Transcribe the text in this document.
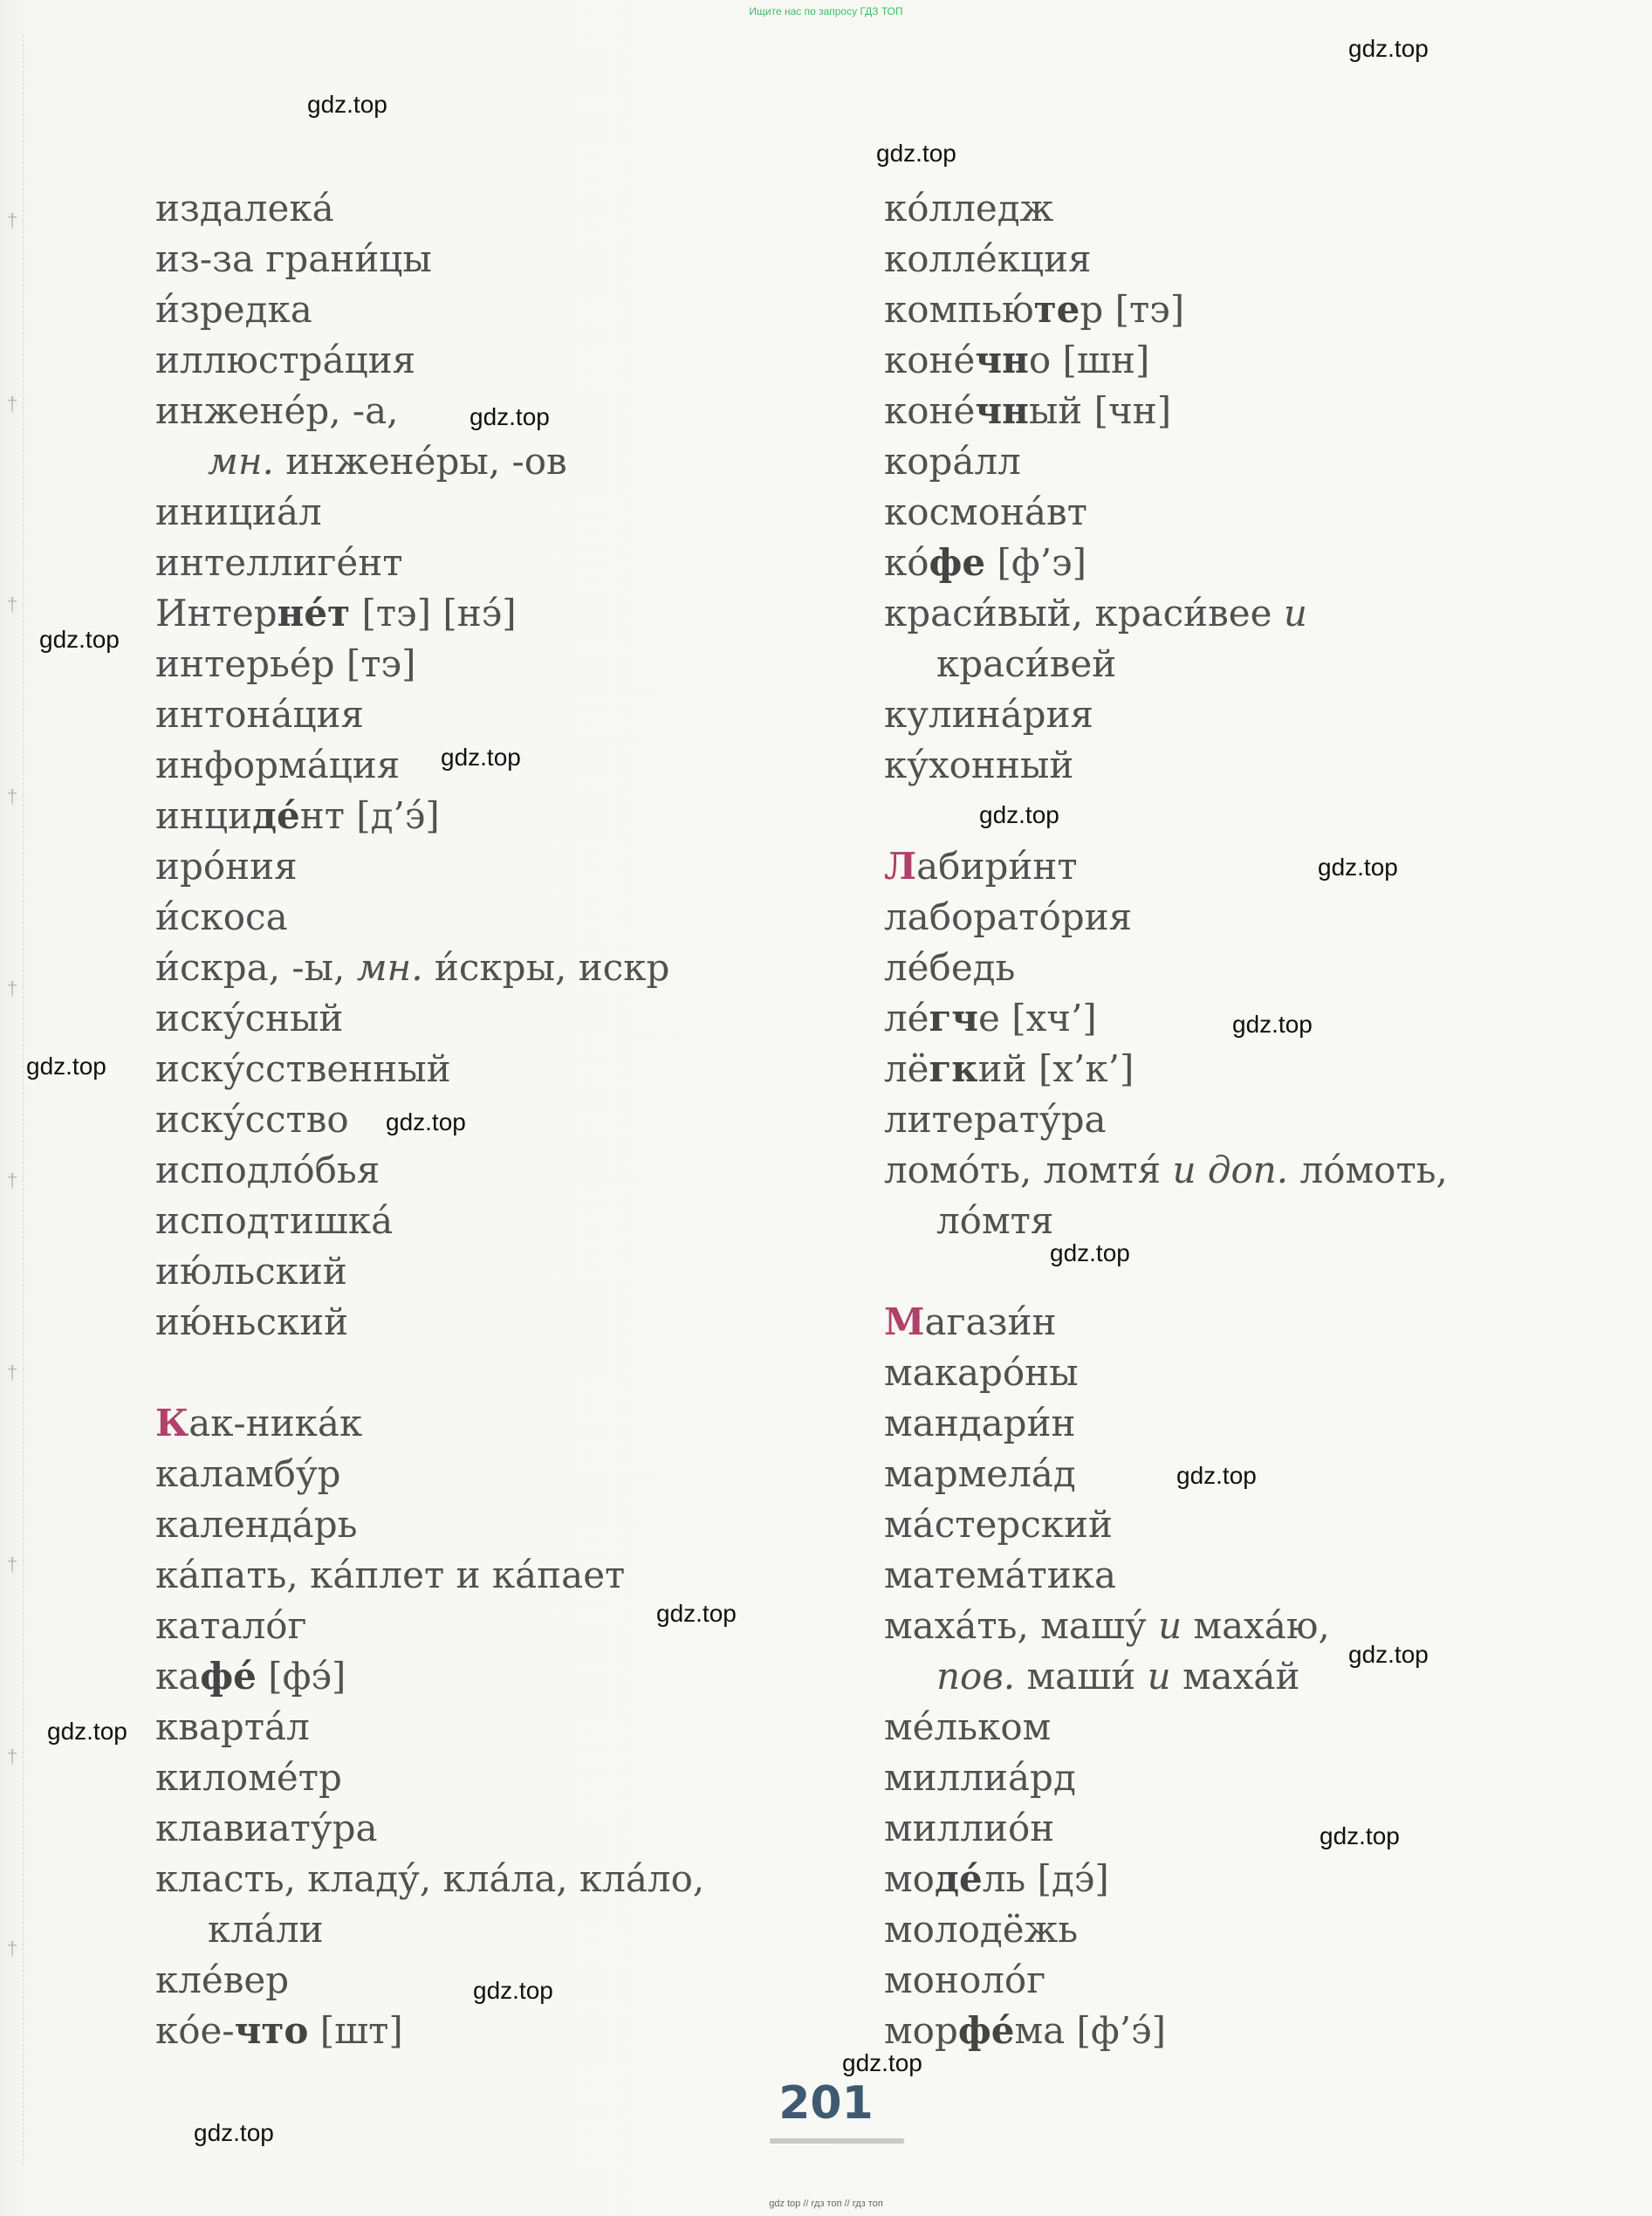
†
†
†
†
†
†
†
†
†
†
Ищите нас по запросу ГДЗ ТОП
издалека́
из-за грани́цы
и́зредка
иллюстра́ция
инжене́р, -а,
мн. инжене́ры, -ов
инициа́л
интеллиге́нт
Интерне́т [тэ] [нэ́]
интерье́р [тэ]
интона́ция
информа́ция
инциде́нт [д’э́]
иро́ния
и́скоса
и́скра, -ы, мн. и́скры, искр
иску́сный
иску́сственный
иску́сство
исподло́бья
исподтишка́
ию́льский
ию́ньский
Как-ника́к
каламбу́р
календа́рь
ка́пать, ка́плет и ка́пает
катало́г
кафе́ [фэ́]
кварта́л
киломе́тр
клавиату́ра
класть, кладу́, кла́ла, кла́ло,
кла́ли
кле́вер
ко́е-что [шт]
ко́лледж
колле́кция
компью́тер [тэ]
коне́чно [шн]
коне́чный [чн]
кора́лл
космона́вт
ко́фе [ф’э]
краси́вый, краси́вее и
краси́вей
кулина́рия
ку́хонный
Лабири́нт
лаборато́рия
ле́бедь
ле́гче [хч’]
лёгкий [х’к’]
литерату́ра
ломо́ть, ломтя́ и доп. ло́моть,
ло́мтя
Магази́н
макаро́ны
мандари́н
мармела́д
ма́стерский
матема́тика
маха́ть, машу́ и маха́ю,
пов. маши́ и маха́й
ме́льком
миллиа́рд
миллио́н
моде́ль [дэ́]
молодёжь
моноло́г
морфе́ма [ф’э́]
201
gdz top // гдз топ // гдз топ
gdz.top
gdz.top
gdz.top
gdz.top
gdz.top
gdz.top
gdz.top
gdz.top
gdz.top
gdz.top
gdz.top
gdz.top
gdz.top
gdz.top
gdz.top
gdz.top
gdz.top
gdz.top
gdz.top
gdz.top
